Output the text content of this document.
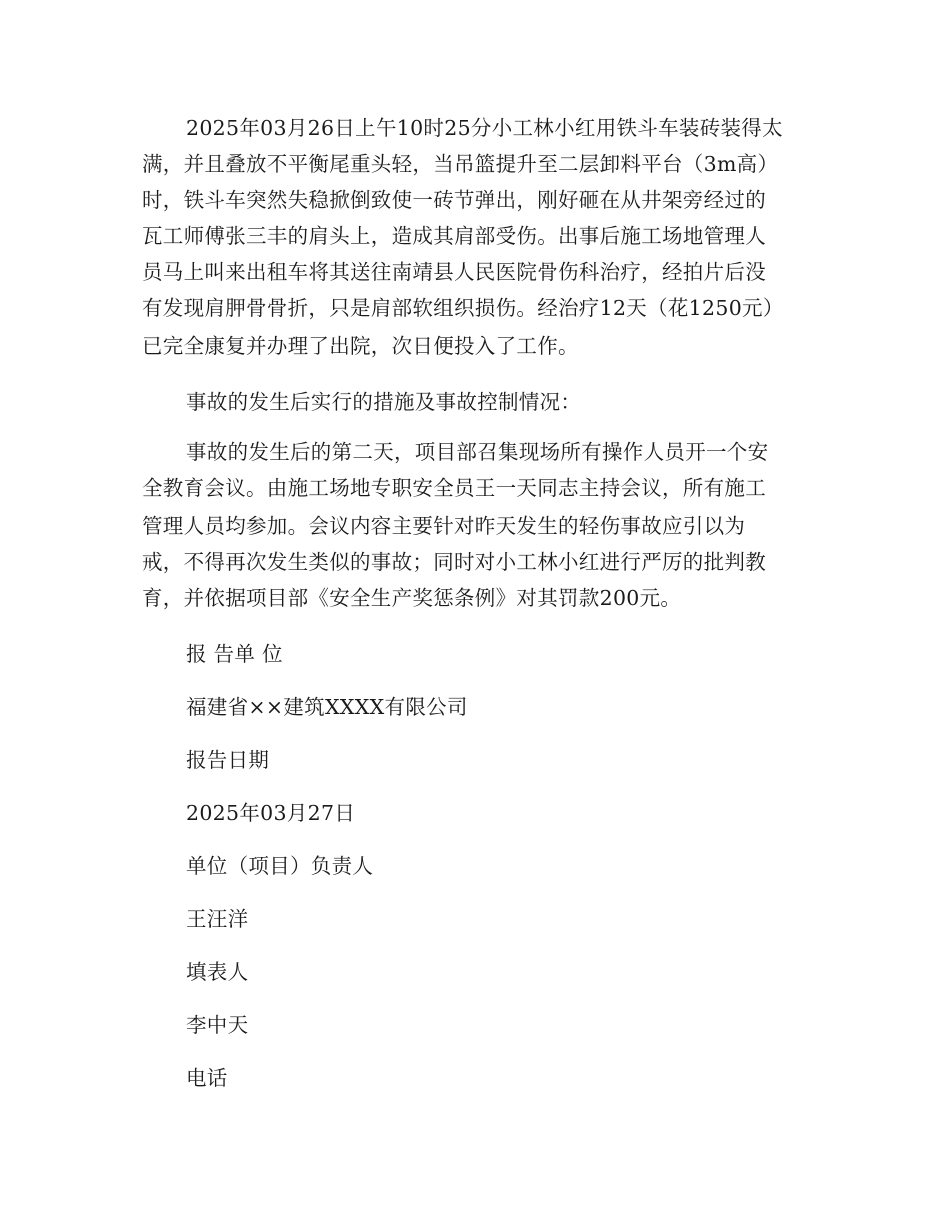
2025年03月26日上午10时25分小工林小红用铁斗车装砖装得太
满，并且叠放不平衡尾重头轻，当吊篮提升至二层卸料平台（3m高）
时，铁斗车突然失稳掀倒致使一砖节弹出，刚好砸在从井架旁经过的
瓦工师傅张三丰的肩头上，造成其肩部受伤。出事后施工场地管理人
员马上叫来出租车将其送往南靖县人民医院骨伤科治疗，经拍片后没
有发现肩胛骨骨折，只是肩部软组织损伤。经治疗12天（花1250元）
已完全康复并办理了出院，次日便投入了工作。
事故的发生后实行的措施及事故控制情况：
事故的发生后的第二天，项目部召集现场所有操作人员开一个安
全教育会议。由施工场地专职安全员王一天同志主持会议，所有施工
管理人员均参加。会议内容主要针对昨天发生的轻伤事故应引以为
戒，不得再次发生类似的事故；同时对小工林小红进行严厉的批判教
育，并依据项目部《安全生产奖惩条例》对其罚款200元。
报 告单 位
福建省××建筑XXXX有限公司
报告日期
2025年03月27日
单位（项目）负责人
王汪洋
填表人
李中天
电话
